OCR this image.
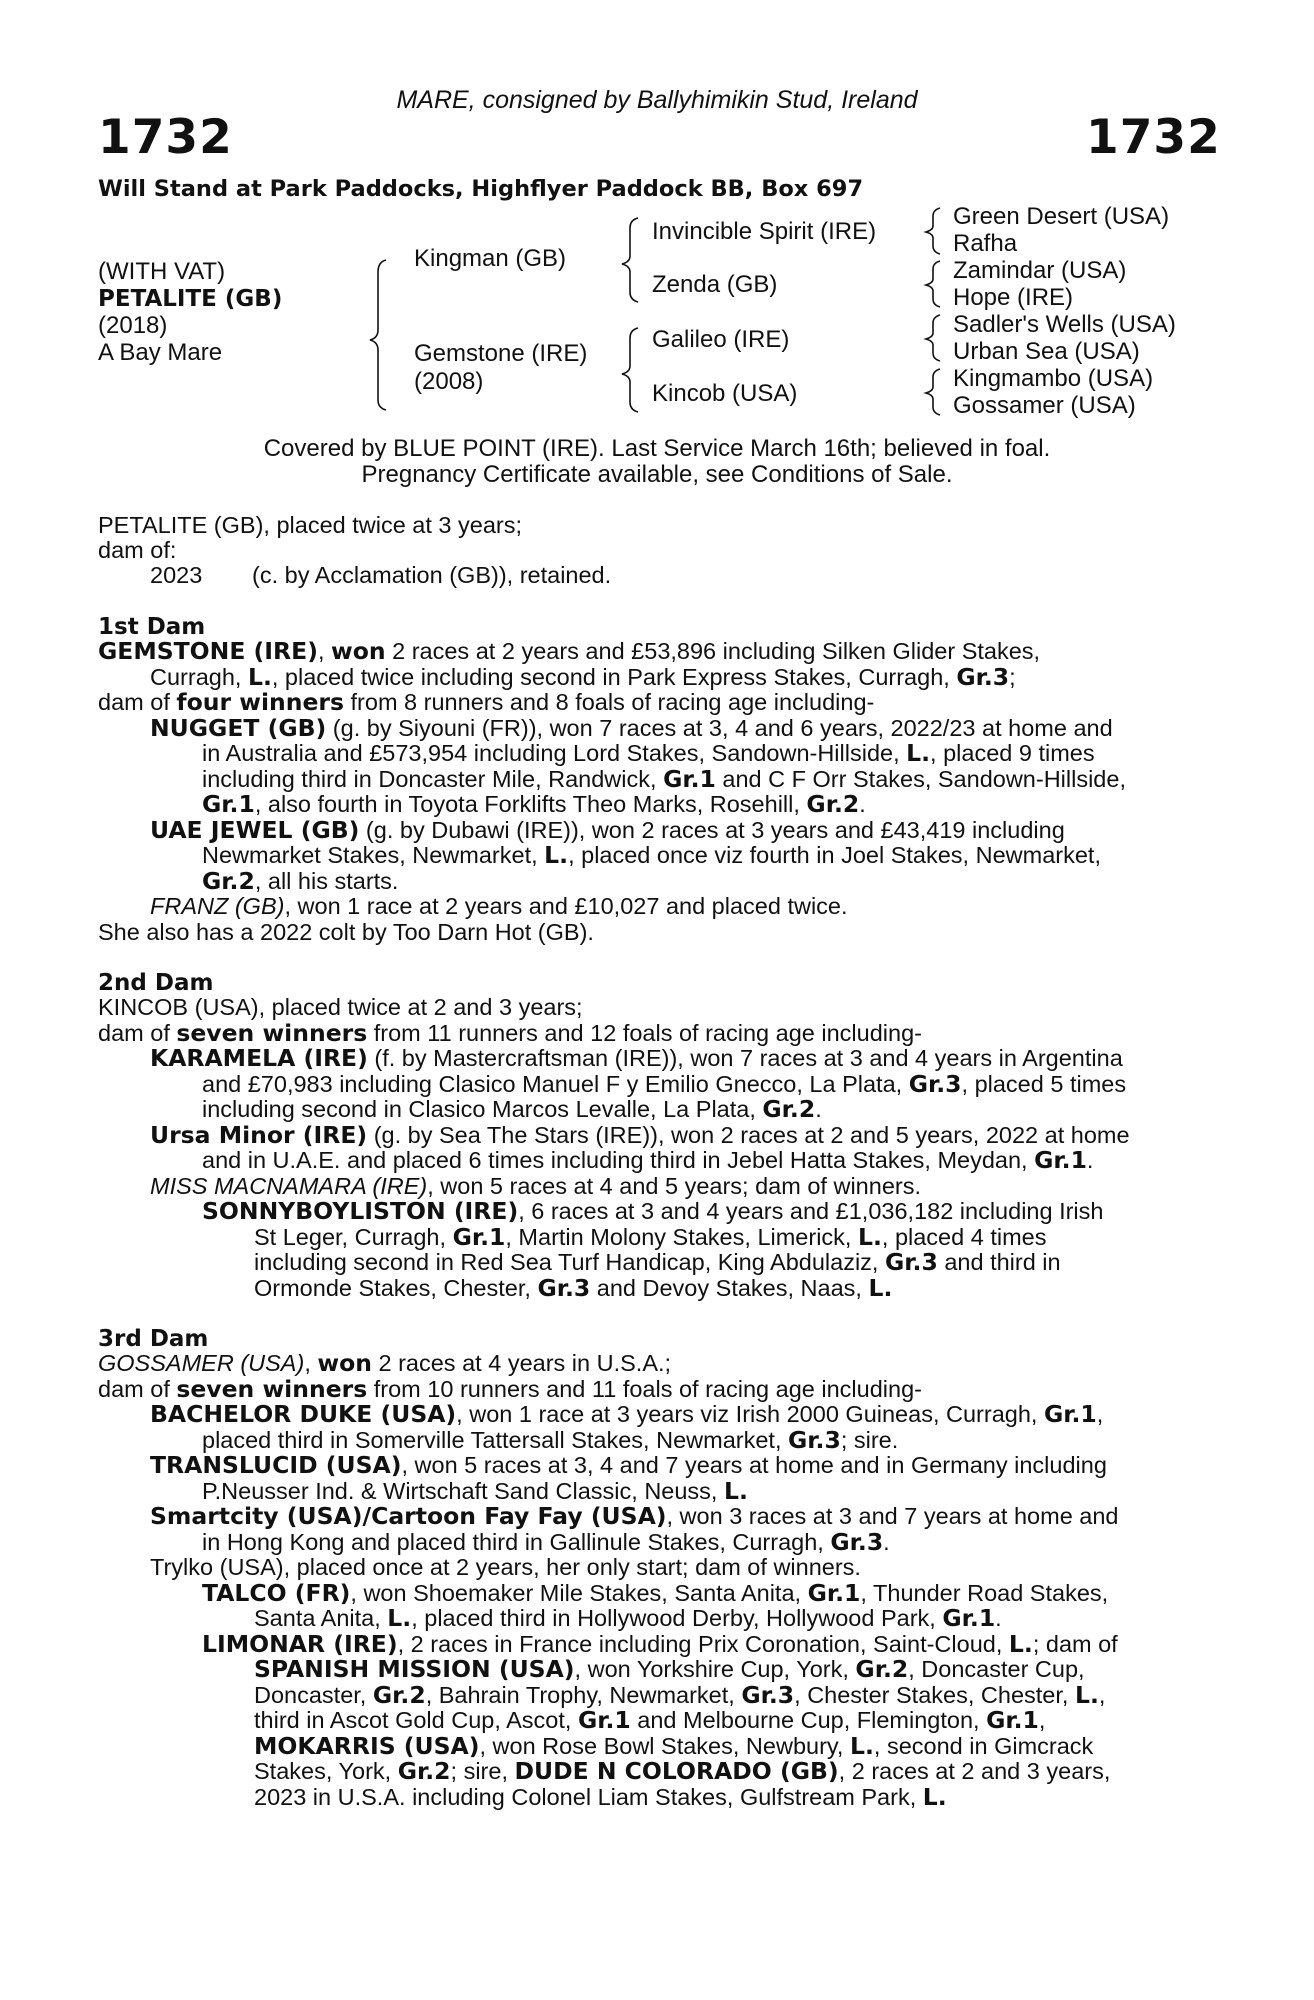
MARE, consigned by Ballyhimikin Stud, Ireland
1732	1732
Will Stand at Park Paddocks, Highflyer Paddock BB, Box 697
(WITH VAT)
PETALITE (GB)
(2018)
A Bay Mare
Kingman (GB)
Gemstone (IRE)
(2008)
Invincible Spirit (IRE)
Zenda (GB)
Galileo (IRE)
Kincob (USA)
Green Desert (USA)
Rafha
Zamindar (USA)
Hope (IRE)
Sadler's Wells (USA)
Urban Sea (USA)
Kingmambo (USA)
Gossamer (USA)
Covered by BLUE POINT (IRE). Last Service March 16th; believed in foal.
Pregnancy Certificate available, see Conditions of Sale.
PETALITE (GB), placed twice at 3 years;
dam of:
2023	(c. by Acclamation (GB)), retained.
1st Dam
GEMSTONE (IRE), won 2 races at 2 years and £53,896 including Silken Glider Stakes,
Curragh, L., placed twice including second in Park Express Stakes, Curragh, Gr.3;
dam of four winners from 8 runners and 8 foals of racing age including-
NUGGET (GB) (g. by Siyouni (FR)), won 7 races at 3, 4 and 6 years, 2022/23 at home and
in Australia and £573,954 including Lord Stakes, Sandown-Hillside, L., placed 9 times
including third in Doncaster Mile, Randwick, Gr.1 and C F Orr Stakes, Sandown-Hillside,
Gr.1, also fourth in Toyota Forklifts Theo Marks, Rosehill, Gr.2.
UAE JEWEL (GB) (g. by Dubawi (IRE)), won 2 races at 3 years and £43,419 including
Newmarket Stakes, Newmarket, L., placed once viz fourth in Joel Stakes, Newmarket,
Gr.2, all his starts.
FRANZ (GB), won 1 race at 2 years and £10,027 and placed twice.
She also has a 2022 colt by Too Darn Hot (GB).
2nd Dam
KINCOB (USA), placed twice at 2 and 3 years;
dam of seven winners from 11 runners and 12 foals of racing age including-
KARAMELA (IRE) (f. by Mastercraftsman (IRE)), won 7 races at 3 and 4 years in Argentina
and £70,983 including Clasico Manuel F y Emilio Gnecco, La Plata, Gr.3, placed 5 times
including second in Clasico Marcos Levalle, La Plata, Gr.2.
Ursa Minor (IRE) (g. by Sea The Stars (IRE)), won 2 races at 2 and 5 years, 2022 at home
and in U.A.E. and placed 6 times including third in Jebel Hatta Stakes, Meydan, Gr.1.
MISS MACNAMARA (IRE), won 5 races at 4 and 5 years; dam of winners.
SONNYBOYLISTON (IRE), 6 races at 3 and 4 years and £1,036,182 including Irish
St Leger, Curragh, Gr.1, Martin Molony Stakes, Limerick, L., placed 4 times
including second in Red Sea Turf Handicap, King Abdulaziz, Gr.3 and third in
Ormonde Stakes, Chester, Gr.3 and Devoy Stakes, Naas, L.
3rd Dam
GOSSAMER (USA), won 2 races at 4 years in U.S.A.;
dam of seven winners from 10 runners and 11 foals of racing age including-
BACHELOR DUKE (USA), won 1 race at 3 years viz Irish 2000 Guineas, Curragh, Gr.1,
placed third in Somerville Tattersall Stakes, Newmarket, Gr.3; sire.
TRANSLUCID (USA), won 5 races at 3, 4 and 7 years at home and in Germany including
P.Neusser Ind. & Wirtschaft Sand Classic, Neuss, L.
Smartcity (USA)/Cartoon Fay Fay (USA), won 3 races at 3 and 7 years at home and
in Hong Kong and placed third in Gallinule Stakes, Curragh, Gr.3.
Trylko (USA), placed once at 2 years, her only start; dam of winners.
TALCO (FR), won Shoemaker Mile Stakes, Santa Anita, Gr.1, Thunder Road Stakes,
Santa Anita, L., placed third in Hollywood Derby, Hollywood Park, Gr.1.
LIMONAR (IRE), 2 races in France including Prix Coronation, Saint-Cloud, L.; dam of
SPANISH MISSION (USA), won Yorkshire Cup, York, Gr.2, Doncaster Cup,
Doncaster, Gr.2, Bahrain Trophy, Newmarket, Gr.3, Chester Stakes, Chester, L.,
third in Ascot Gold Cup, Ascot, Gr.1 and Melbourne Cup, Flemington, Gr.1,
MOKARRIS (USA), won Rose Bowl Stakes, Newbury, L., second in Gimcrack
Stakes, York, Gr.2; sire, DUDE N COLORADO (GB), 2 races at 2 and 3 years,
2023 in U.S.A. including Colonel Liam Stakes, Gulfstream Park, L.
